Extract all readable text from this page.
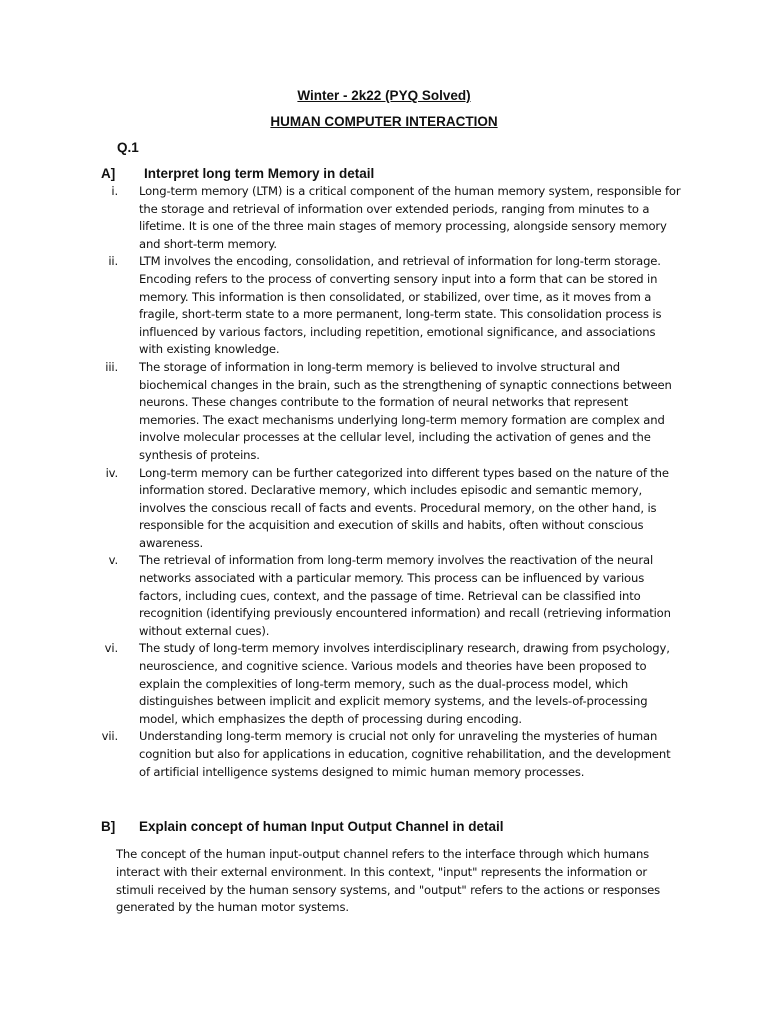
Winter - 2k22 (PYQ Solved)
HUMAN COMPUTER INTERACTION
Q.1
A] Interpret long term Memory in detail
i. Long-term memory (LTM) is a critical component of the human memory system, responsible for the storage and retrieval of information over extended periods, ranging from minutes to a lifetime. It is one of the three main stages of memory processing, alongside sensory memory and short-term memory.
ii. LTM involves the encoding, consolidation, and retrieval of information for long-term storage. Encoding refers to the process of converting sensory input into a form that can be stored in memory. This information is then consolidated, or stabilized, over time, as it moves from a fragile, short-term state to a more permanent, long-term state. This consolidation process is influenced by various factors, including repetition, emotional significance, and associations with existing knowledge.
iii. The storage of information in long-term memory is believed to involve structural and biochemical changes in the brain, such as the strengthening of synaptic connections between neurons. These changes contribute to the formation of neural networks that represent memories. The exact mechanisms underlying long-term memory formation are complex and involve molecular processes at the cellular level, including the activation of genes and the synthesis of proteins.
iv. Long-term memory can be further categorized into different types based on the nature of the information stored. Declarative memory, which includes episodic and semantic memory, involves the conscious recall of facts and events. Procedural memory, on the other hand, is responsible for the acquisition and execution of skills and habits, often without conscious awareness.
v. The retrieval of information from long-term memory involves the reactivation of the neural networks associated with a particular memory. This process can be influenced by various factors, including cues, context, and the passage of time. Retrieval can be classified into recognition (identifying previously encountered information) and recall (retrieving information without external cues).
vi. The study of long-term memory involves interdisciplinary research, drawing from psychology, neuroscience, and cognitive science. Various models and theories have been proposed to explain the complexities of long-term memory, such as the dual-process model, which distinguishes between implicit and explicit memory systems, and the levels-of-processing model, which emphasizes the depth of processing during encoding.
vii. Understanding long-term memory is crucial not only for unraveling the mysteries of human cognition but also for applications in education, cognitive rehabilitation, and the development of artificial intelligence systems designed to mimic human memory processes.
B] Explain concept of human Input Output Channel in detail

The concept of the human input-output channel refers to the interface through which humans interact with their external environment. In this context, "input" represents the information or stimuli received by the human sensory systems, and "output" refers to the actions or responses generated by the human motor systems.
